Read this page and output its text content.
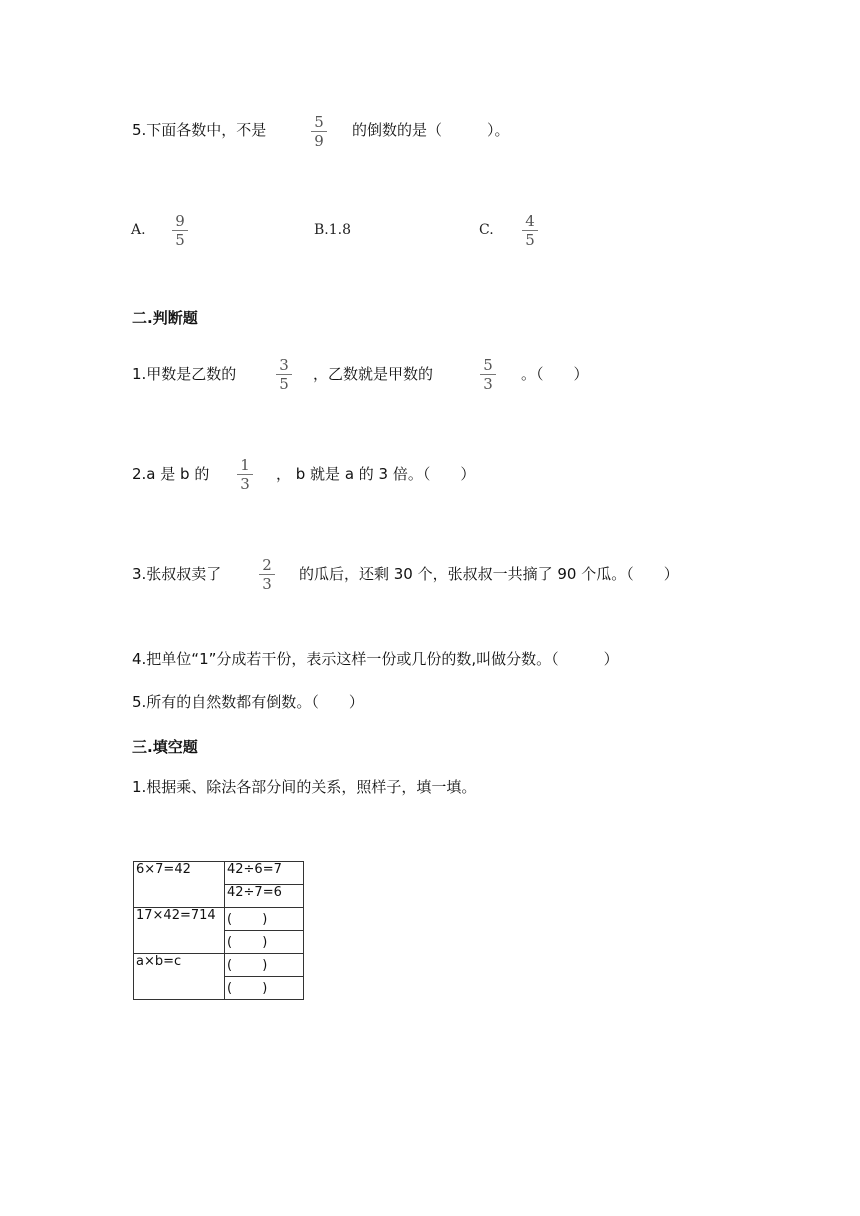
5.下面各数中，不是	5
9
的倒数的是（　　　）。
A. 9
5
B.1.8	C. 4
5
二.判断题
1.甲数是乙数的	3
5
，乙数就是甲数的	5
3
。（　　）
2.a 是 b 的 1
3
， b 就是 a 的 3 倍。（　　）
3.张叔叔卖了	2
3
的瓜后，还剩 30 个，张叔叔一共摘了 90 个瓜。（　　）
4.把单位“1”分成若干份，表示这样一份或几份的数,叫做分数。（　　　）
5.所有的自然数都有倒数。（　　）
三.填空题
1.根据乘、除法各部分间的关系，照样子，填一填。
6×7=42	42÷6=7
	42÷7=6
17×42=714	(　　 )
	(　　 )
a×b=c	(　　 )
	(　　 )
